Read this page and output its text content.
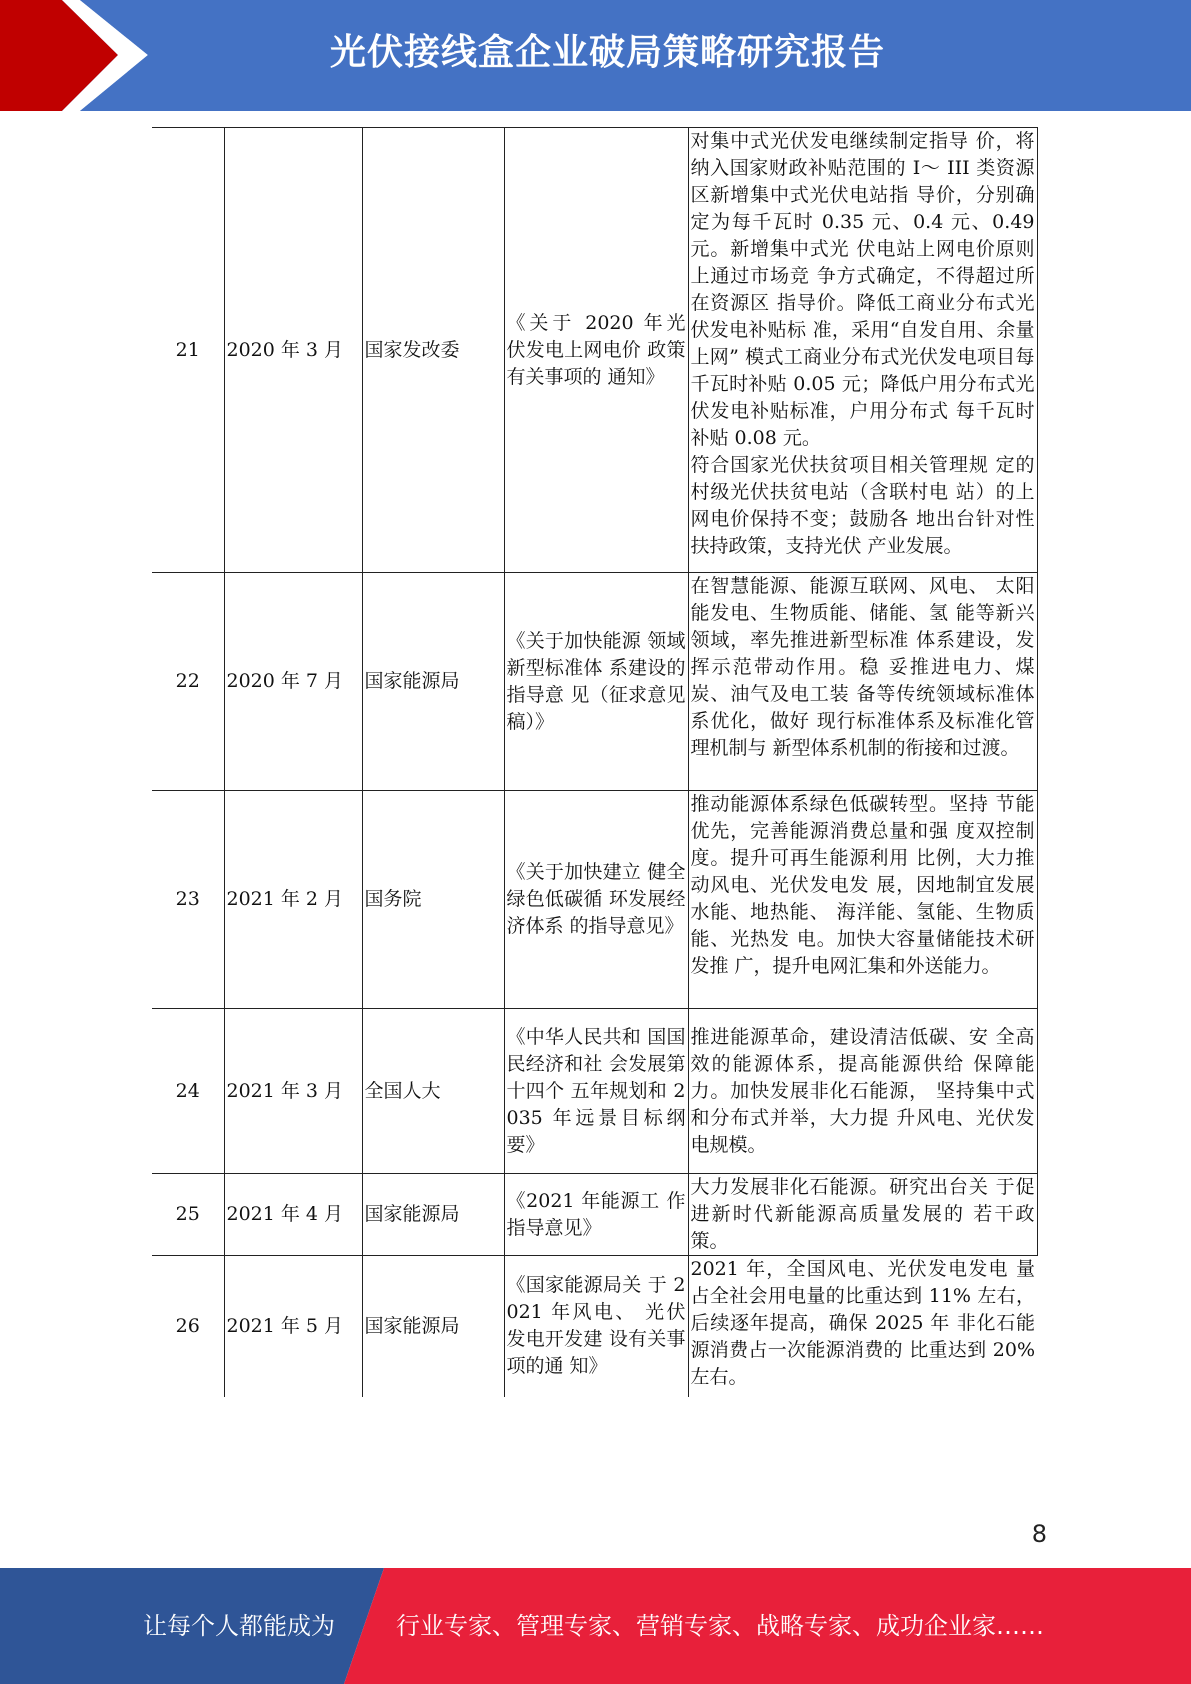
光伏接线盒企业破局策略研究报告
21	2020 年 3 月	国家发改委	《关于 2020 年光 伏发电上网电价 政策有关事项的 通知》	对集中式光伏发电继续制定指导 价，将纳入国家财政补贴范围的 I～ III 类资源区新增集中式光伏电站指 导价，分别确定为每千瓦时 0.35 元、0.4 元、0.49 元。新增集中式光 伏电站上网电价原则上通过市场竞 争方式确定，不得超过所在资源区 指导价。降低工商业分布式光伏发电补贴标 准，采用“自发自用、余量上网” 模式工商业分布式光伏发电项目每 千瓦时补贴 0.05 元；降低户用分布式光伏发电补贴标准，户用分布式 每千瓦时补贴 0.08 元。

符合国家光伏扶贫项目相关管理规 定的村级光伏扶贫电站（含联村电 站）的上网电价保持不变；鼓励各 地出台针对性扶持政策，支持光伏 产业发展。

22	2020 年 7 月	国家能源局	《关于加快能源 领域新型标准体 系建设的指导意 见（征求意见 稿）》	在智慧能源、能源互联网、风电、 太阳能发电、生物质能、储能、氢 能等新兴领域，率先推进新型标准 体系建设，发挥示范带动作用。稳 妥推进电力、煤炭、油气及电工装 备等传统领域标准体系优化，做好 现行标准体系及标准化管理机制与 新型体系机制的衔接和过渡。

23	2021 年 2 月	国务院	《关于加快建立 健全绿色低碳循 环发展经济体系 的指导意见》	推动能源体系绿色低碳转型。坚持 节能优先，完善能源消费总量和强 度双控制度。提升可再生能源利用 比例，大力推动风电、光伏发电发 展，因地制宜发展水能、地热能、 海洋能、氢能、生物质能、光热发 电。加快大容量储能技术研发推 广，提升电网汇集和外送能力。

24	2021 年 3 月	全国人大	《中华人民共和 国国民经济和社 会发展第十四个 五年规划和 2035 年远景目标纲 要》	推进能源革命，建设清洁低碳、安 全高效的能源体系，提高能源供给 保障能力。加快发展非化石能源， 坚持集中式和分布式并举，大力提 升风电、光伏发电规模。

25	2021 年 4 月	国家能源局	《2021 年能源工 作指导意见》	大力发展非化石能源。研究出台关 于促进新时代新能源高质量发展的 若干政策。

26	2021 年 5 月	国家能源局	《国家能源局关 于 2021 年风电、 光伏发电开发建 设有关事项的通 知》	2021 年，全国风电、光伏发电发电 量占全社会用电量的比重达到 11% 左右，后续逐年提高，确保 2025 年 非化石能源消费占一次能源消费的 比重达到 20%左右。

8
让每个人都能成为	行业专家、管理专家、营销专家、战略专家、成功企业家……
